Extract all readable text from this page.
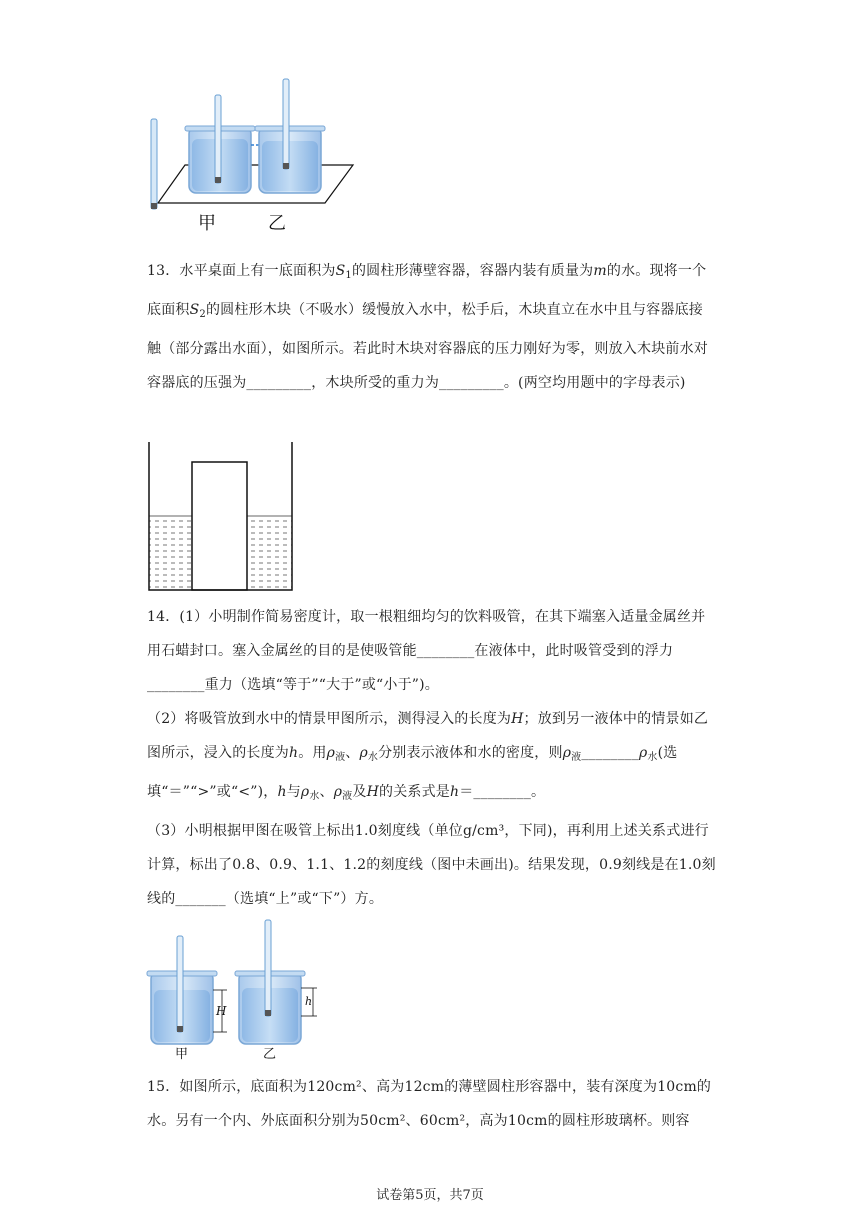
甲	乙

13．水平桌面上有一底面积为$S_1$的圆柱形薄壁容器，容器内装有质量为m的水。现将一个底面积$S_2$的圆柱形木块（不吸水）缓慢放入水中，松手后，木块直立在水中且与容器底接触（部分露出水面），如图所示。若此时木块对容器底的压力刚好为零，则放入木块前水对容器底的压强为_________，木块所受的重力为_________。(两空均用题中的字母表示)

14．(1）小明制作简易密度计，取一根粗细均匀的饮料吸管，在其下端塞入适量金属丝并用石蜡封口。塞入金属丝的目的是使吸管能________在液体中，此时吸管受到的浮力________重力（选填“等于”“大于”或“小于”)。

（2）将吸管放到水中的情景甲图所示，测得浸入的长度为H；放到另一液体中的情景如乙图所示，浸入的长度为h。用$\rho_液$、$\rho_水$分别表示液体和水的密度，则$\rho_液\_\_\_\_\_\_\_\_\rho_水$(选填“＝”“>”或“<”)，h与$\rho_水$、$\rho_液$及H的关系式是h＝________。

（3）小明根据甲图在吸管上标出1.0刻度线（单位g/cm³，下同)，再利用上述关系式进行计算，标出了0.8、0.9、1.1、1.2的刻度线（图中未画出)。结果发现，0.9刻线是在1.0刻线的_______（选填“上”或“下”）方。

H
h
甲	乙

15．如图所示，底面积为120cm²、高为12cm的薄壁圆柱形容器中，装有深度为10cm的水。另有一个内、外底面积分别为50cm²、60cm²，高为10cm的圆柱形玻璃杯。则容

试卷第5页，共7页
